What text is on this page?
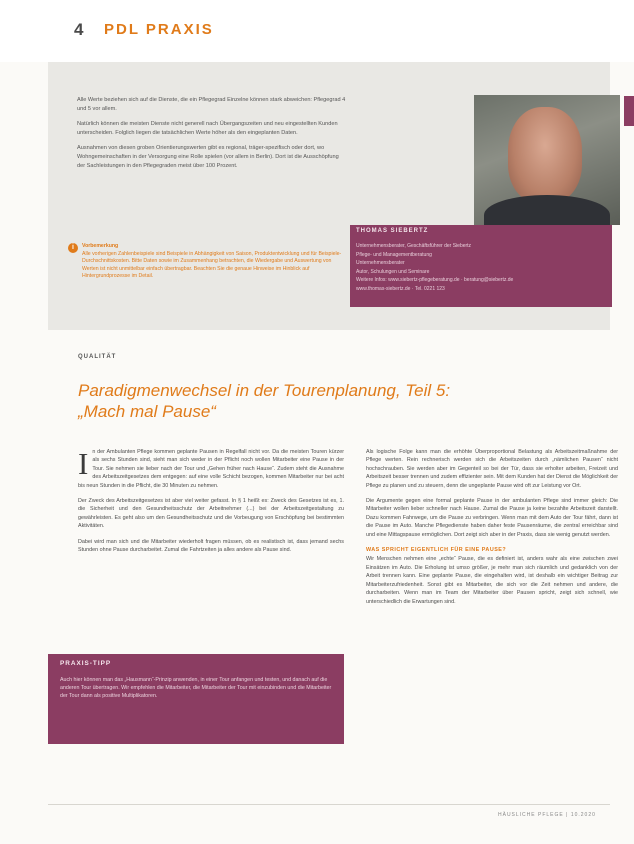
4 PDL PRAXIS

Alle Werte beziehen sich auf die Dienste, die ein Pflegegrad Einzelne können stark abweichen: Pflegegrad 4 und 5 vor allem.

Natürlich können die meisten Dienste nicht generell nach Übergangszeiten und neu eingestellten Kunden unterscheiden. Folglich liegen die tatsächlichen Werte höher als den eingeplanten Daten.

Ausnahmen von diesen groben Orientierungswerten gibt es regional, träger-spezifisch oder dort, wo Wohngemeinschaften in der Versorgung eine Rolle spielen (vor allem in Berlin). Dort ist die Ausschöpfung der Sachleistungen in den Pflegegraden meist über 100 Prozent.

i	Vorbemerkung
Alle vorherigen Zahlenbeispiele sind Beispiele in Abhängigkeit von Saison, Produktentwicklung und für Beispiele-Durchschnittskosten. Bitte Daten sowie im Zusammenhang betrachten, die Wiedergabe und Auswertung von Werten ist nicht unmittelbar einfach übertragbar. Beachten Sie die genaue Hinweise im Hinblick auf Hintergrundprozesse im Detail.
THOMAS SIEBERTZ
Unternehmensberater, Geschäftsführer der Siebertz
Pflege- und Managementberatung
Unternehmensberater
Autor, Schulungen und Seminare
Weitere Infos: www.siebertz-pflegeberatung.de · beratung@siebertz.de
www.thomas-siebertz.de · Tel. 0221 123
QUALITÄT
Paradigmenwechsel in der Tourenplanung, Teil 5:
„Mach mal Pause“

In der Ambulanten Pflege kommen geplante Pausen in Regelfall nicht vor. Da die meisten Touren kürzer als sechs Stunden sind, sieht man sich weder in der Pflicht noch wollen Mitarbeiter eine Pause in der Tour. Sie nehmen sie lieber nach der Tour und „Gehen früher nach Hause“. Zudem steht die Ausnahme des Arbeitszeitgesetzes dem entgegen: auf eine volle Schicht bezogen, kommen Mitarbeiter nur bei acht bis neun Stunden in die Pflicht, die 30 Minuten zu nehmen.

Der Zweck des Arbeitszeitgesetzes ist aber viel weiter gefasst. In § 1 heißt es: Zweck des Gesetzes ist es, 1. die Sicherheit und den Gesundheitsschutz der Arbeitnehmer (...) bei der Arbeitszeitgestaltung zu gewährleisten. Es geht also um den Gesundheitsschutz und die Vorbeugung von Erschöpfung bei bestimmten Aktivitäten.

Dabei wird man sich und die Mitarbeiter wiederholt fragen müssen, ob es realistisch ist, dass jemand sechs Stunden ohne Pause durcharbeitet. Zumal die Fahrtzeiten ja alles andere als Pause sind.

Als logische Folge kann man die erhöhte Überproportional Belastung als Arbeitszeitmaßnahme der Pflege werten. Rein rechnerisch werden sich die Arbeitszeiten durch „nämlichen Pausen“ nicht hochschrauben. Sie werden aber im Gegenteil so bei der Tür, dass sie erholter arbeiten, Freizeit und Arbeitszeit besser trennen und zudem effizienter sein. Mit dem Kunden hat der Dienst die Möglichkeit der Pflege zu planen und zu steuern, denn die ungeplante Pause wird oft zur Leistung vor Ort.

Die Argumente gegen eine formal geplante Pause in der ambulanten Pflege sind immer gleich: Die Mitarbeiter wollen lieber schneller nach Hause. Zumal die Pause ja keine bezahlte Arbeitszeit darstellt. Dazu kommen Fahrwege, um die Pause zu verbringen. Wenn man mit dem Auto der Tour fährt, dann ist die Pause im Auto. Manche Pflegedienste haben daher feste Pausenräume, die zentral erreichbar sind und eine Mittagspause ermöglichen. Dort zeigt sich aber in der Praxis, dass sie wenig genutzt werden.

WAS SPRICHT EIGENTLICH FÜR EINE PAUSE?

Wir Menschen nehmen eine „echte“ Pause, die es definiert ist, anders wahr als eine zwischen zwei Einsätzen im Auto. Die Erholung ist umso größer, je mehr man sich räumlich und gedanklich von der Arbeit trennen kann. Eine geplante Pause, die eingehalten wird, ist deshalb ein wichtiger Beitrag zur Mitarbeiterzufriedenheit. Sonst gibt es Mitarbeiter, die sich vor die Zeit nehmen und andere, die durcharbeiten. Wenn man im Team der Mitarbeiter über Pausen spricht, zeigt sich schnell, wie unterschiedlich die Erwartungen sind.

PRAXIS-TIPP
Auch hier können man das „Hausmann“-Prinzip anwenden, in einer Tour anfangen und testen, und danach auf die anderen Tour übertragen. Wir empfehlen die Mitarbeiter, die Mitarbeiter der Tour mit einzubinden und die Mitarbeiter der Tour dann als positive Multiplikatoren.
HÄUSLICHE PFLEGE | 10.2020
